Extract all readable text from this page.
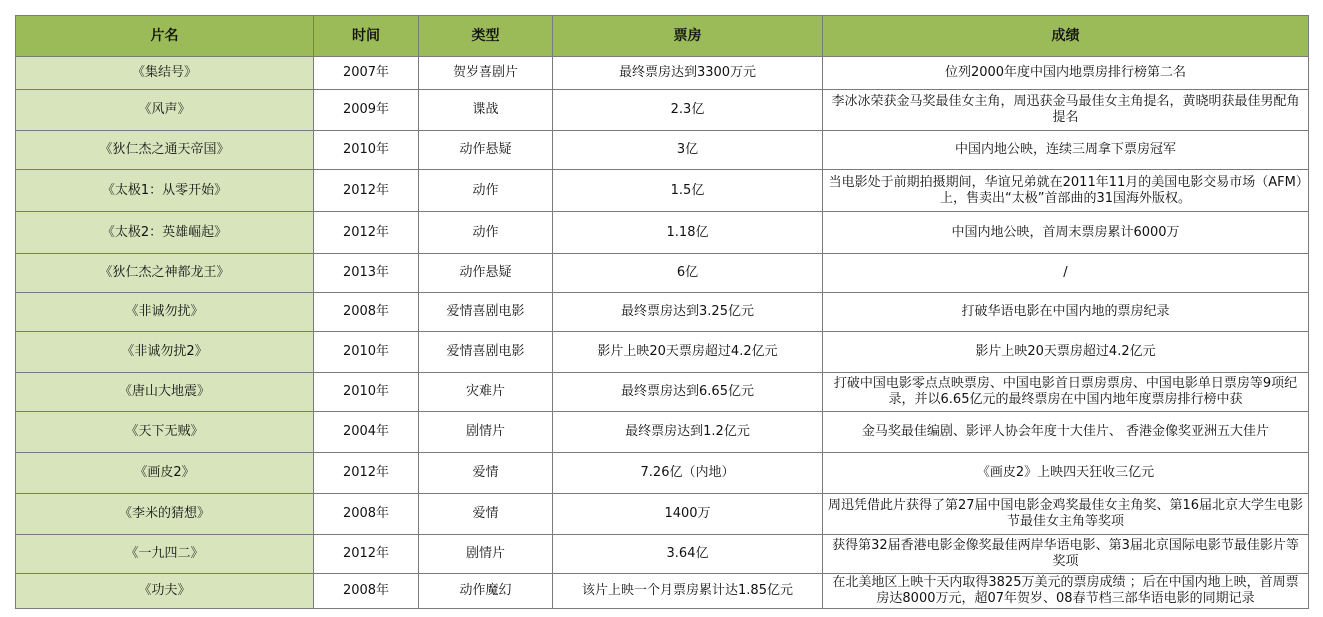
片名	时间	类型	票房	成绩
《集结号》	2007年	贺岁喜剧片	最终票房达到3300万元	位列2000年度中国内地票房排行榜第二名
《风声》	2009年	谍战	2.3亿	李冰冰荣获金马奖最佳女主角，周迅获金马最佳女主角提名，黄晓明获最佳男配角提名
《狄仁杰之通天帝国》	2010年	动作悬疑	3亿	中国内地公映，连续三周拿下票房冠军
《太极1：从零开始》	2012年	动作	1.5亿	当电影处于前期拍摄期间，华谊兄弟就在2011年11月的美国电影交易市场（AFM）上，售卖出“太极”首部曲的31国海外版权。
《太极2：英雄崛起》	2012年	动作	1.18亿	中国内地公映，首周末票房累计6000万
《狄仁杰之神都龙王》	2013年	动作悬疑	6亿	/
《非诚勿扰》	2008年	爱情喜剧电影	最终票房达到3.25亿元	打破华语电影在中国内地的票房纪录
《非诚勿扰2》	2010年	爱情喜剧电影	影片上映20天票房超过4.2亿元	影片上映20天票房超过4.2亿元
《唐山大地震》	2010年	灾难片	最终票房达到6.65亿元	打破中国电影零点点映票房、中国电影首日票房票房、中国电影单日票房等9项纪录，并以6.65亿元的最终票房在中国内地年度票房排行榜中获
《天下无贼》	2004年	剧情片	最终票房达到1.2亿元	金马奖最佳编剧、影评人协会年度十大佳片、 香港金像奖亚洲五大佳片
《画皮2》	2012年	爱情	7.26亿（内地）	《画皮2》上映四天狂收三亿元
《李米的猜想》	2008年	爱情	1400万	周迅凭借此片获得了第27届中国电影金鸡奖最佳女主角奖、第16届北京大学生电影节最佳女主角等奖项
《一九四二》	2012年	剧情片	3.64亿	获得第32届香港电影金像奖最佳两岸华语电影、第3届北京国际电影节最佳影片等奖项
《功夫》	2008年	动作魔幻	该片上映一个月票房累计达1.85亿元	在北美地区上映十天内取得3825万美元的票房成绩 ；后在中国内地上映，首周票房达8000万元，超07年贺岁、08春节档三部华语电影的同期记录
